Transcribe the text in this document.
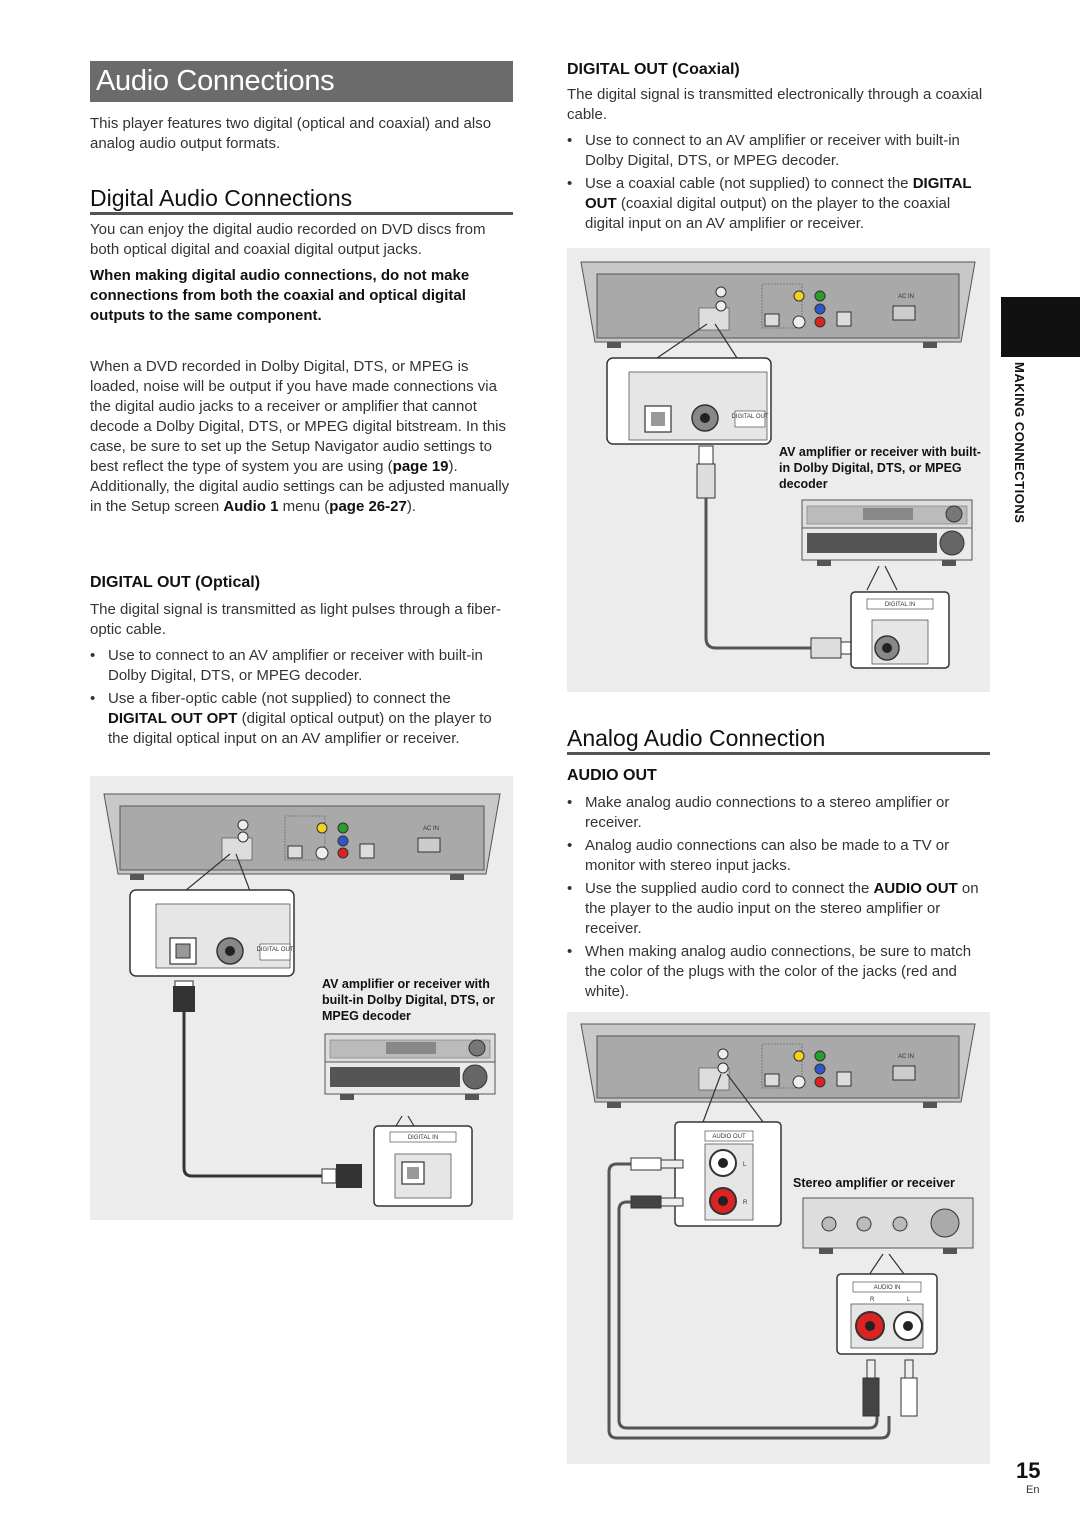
Audio Connections
This player features two digital (optical and coaxial) and also analog audio output formats.
Digital Audio Connections
You can enjoy the digital audio recorded on DVD discs from both optical digital and coaxial digital output jacks.
When making digital audio connections, do not make connections from both the coaxial and optical digital outputs to the same component.
When a DVD recorded in Dolby Digital, DTS, or MPEG is loaded, noise will be output if you have made connections via the digital audio jacks to a receiver or amplifier that cannot decode a Dolby Digital, DTS, or MPEG digital bitstream. In this case, be sure to set up the Setup Navigator audio settings to best reflect the type of system you are using (page 19). Additionally, the digital audio settings can be adjusted manually in the Setup screen Audio 1 menu (page 26-27).
DIGITAL OUT (Optical)
The digital signal is transmitted as light pulses through a fiber-optic cable.
• Use to connect to an AV amplifier or receiver with built-in Dolby Digital, DTS, or MPEG decoder.
• Use a fiber-optic cable (not supplied) to connect the DIGITAL OUT OPT (digital optical output) on the player to the digital optical input on an AV amplifier or receiver.
AC IN
DIGITAL OUT
DIGITAL IN
AV amplifier or receiver with built-in Dolby Digital, DTS, or MPEG decoder
DIGITAL OUT (Coaxial)
The digital signal is transmitted electronically through a coaxial cable.
• Use to connect to an AV amplifier or receiver with built-in Dolby Digital, DTS, or MPEG decoder.
• Use a coaxial cable (not supplied) to connect the DIGITAL OUT (coaxial digital output) on the player to the coaxial digital input on an AV amplifier or receiver.
AC IN
DIGITAL OUT
DIGITAL IN
AV amplifier or receiver with built-in Dolby Digital, DTS, or MPEG decoder
Analog Audio Connection
AUDIO OUT
• Make analog audio connections to a stereo amplifier or receiver.
• Analog audio connections can also be made to a TV or monitor with stereo input jacks.
• Use the supplied audio cord to connect the AUDIO OUT on the player to the audio input on the stereo amplifier or receiver.
• When making analog audio connections, be sure to match the color of the plugs with the color of the jacks (red and white).
AC IN
AUDIO OUT
L
R
AUDIO IN
R	L
Stereo amplifier or receiver
MAKING CONNECTIONS
15
En
